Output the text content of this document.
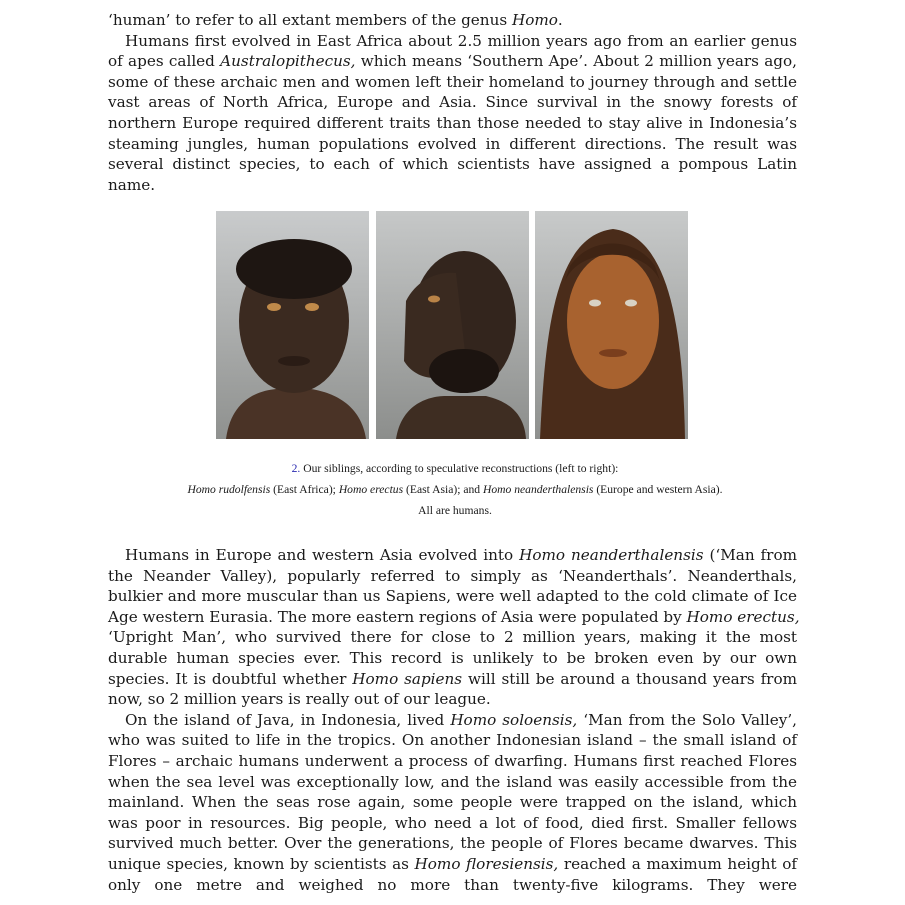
‘human’ to refer to all extant members of the genus Homo.
Humans first evolved in East Africa about 2.5 million years ago from an earlier genus
of apes called Australopithecus, which means ‘Southern Ape’. About 2 million years ago,
some of these archaic men and women left their homeland to journey through and settle
vast areas of North Africa, Europe and Asia. Since survival in the snowy forests of
northern Europe required different traits than those needed to stay alive in Indonesia’s
steaming jungles, human populations evolved in different directions. The result was
several distinct species, to each of which scientists have assigned a pompous Latin
name.
2. Our siblings, according to speculative reconstructions (left to right):
Homo rudolfensis (East Africa); Homo erectus (East Asia); and Homo neanderthalensis (Europe and western Asia).
All are humans.
Humans in Europe and western Asia evolved into Homo neanderthalensis (‘Man from
the Neander Valley), popularly referred to simply as ‘Neanderthals’. Neanderthals,
bulkier and more muscular than us Sapiens, were well adapted to the cold climate of Ice
Age western Eurasia. The more eastern regions of Asia were populated by Homo erectus,
‘Upright Man’, who survived there for close to 2 million years, making it the most
durable human species ever. This record is unlikely to be broken even by our own
species. It is doubtful whether Homo sapiens will still be around a thousand years from
now, so 2 million years is really out of our league.
On the island of Java, in Indonesia, lived Homo soloensis, ‘Man from the Solo Valley’,
who was suited to life in the tropics. On another Indonesian island – the small island of
Flores – archaic humans underwent a process of dwarfing. Humans first reached Flores
when the sea level was exceptionally low, and the island was easily accessible from the
mainland. When the seas rose again, some people were trapped on the island, which
was poor in resources. Big people, who need a lot of food, died first. Smaller fellows
survived much better. Over the generations, the people of Flores became dwarves. This
unique species, known by scientists as Homo floresiensis, reached a maximum height of
only one metre and weighed no more than twenty-five kilograms. They were
